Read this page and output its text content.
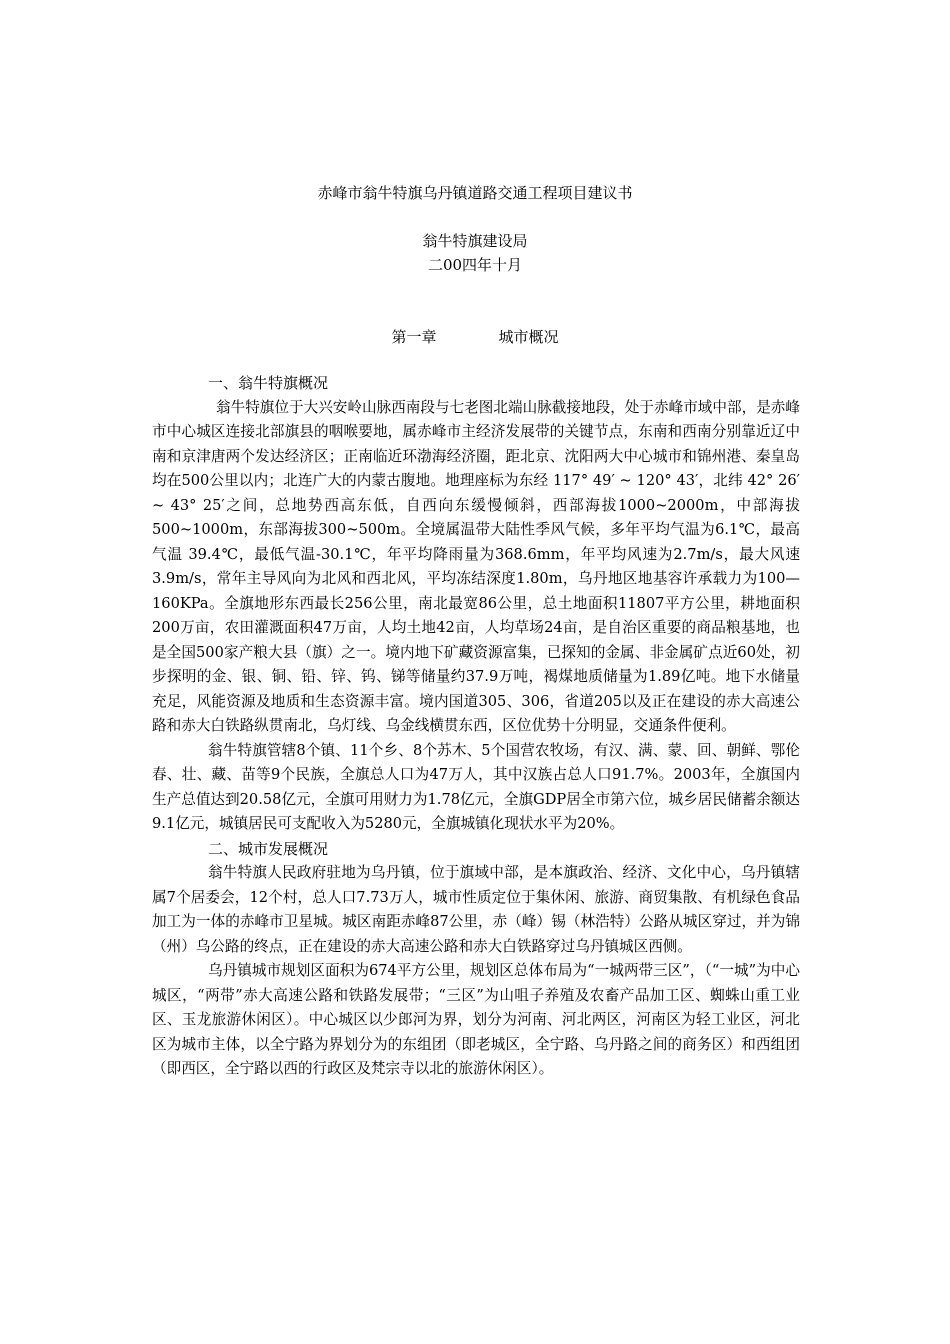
赤峰市翁牛特旗乌丹镇道路交通工程项目建议书
翁牛特旗建设局
二00四年十月
第一章	城市概况

一、翁牛特旗概况

翁牛特旗位于大兴安岭山脉西南段与七老图北端山脉截接地段，处于赤峰市域中部，是赤峰市中心城区连接北部旗县的咽喉要地，属赤峰市主经济发展带的关键节点，东南和西南分别靠近辽中南和京津唐两个发达经济区；正南临近环渤海经济圈，距北京、沈阳两大中心城市和锦州港、秦皇岛均在500公里以内；北连广大的内蒙古腹地。地理座标为东经 117° 49′ ~ 120° 43′，北纬 42° 26′ ~ 43° 25′之间，总地势西高东低，自西向东缓慢倾斜，西部海拔1000~2000m，中部海拔500~1000m，东部海拔300~500m。全境属温带大陆性季风气候，多年平均气温为6.1℃，最高气温 39.4℃，最低气温-30.1℃，年平均降雨量为368.6mm，年平均风速为2.7m/s，最大风速3.9m/s，常年主导风向为北风和西北风，平均冻结深度1.80m，乌丹地区地基容许承载力为100—160KPa。全旗地形东西最长256公里，南北最宽86公里，总土地面积11807平方公里，耕地面积200万亩，农田灌溉面积47万亩，人均土地42亩，人均草场24亩，是自治区重要的商品粮基地，也是全国500家产粮大县（旗）之一。境内地下矿藏资源富集，已探知的金属、非金属矿点近60处，初步探明的金、银、铜、铅、锌、钨、锑等储量约37.9万吨，褐煤地质储量为1.89亿吨。地下水储量充足，风能资源及地质和生态资源丰富。境内国道305、306，省道205以及正在建设的赤大高速公路和赤大白铁路纵贯南北，乌灯线、乌金线横贯东西，区位优势十分明显，交通条件便利。

翁牛特旗管辖8个镇、11个乡、8个苏木、5个国营农牧场，有汉、满、蒙、回、朝鲜、鄂伦春、壮、藏、苗等9个民族，全旗总人口为47万人，其中汉族占总人口91.7%。2003年，全旗国内生产总值达到20.58亿元，全旗可用财力为1.78亿元，全旗GDP居全市第六位，城乡居民储蓄余额达9.1亿元，城镇居民可支配收入为5280元，全旗城镇化现状水平为20%。

二、城市发展概况

翁牛特旗人民政府驻地为乌丹镇，位于旗域中部，是本旗政治、经济、文化中心，乌丹镇辖属7个居委会，12个村，总人口7.73万人，城市性质定位于集休闲、旅游、商贸集散、有机绿色食品加工为一体的赤峰市卫星城。城区南距赤峰87公里，赤（峰）锡（林浩特）公路从城区穿过，并为锦（州）乌公路的终点，正在建设的赤大高速公路和赤大白铁路穿过乌丹镇城区西侧。

乌丹镇城市规划区面积为674平方公里，规划区总体布局为“一城两带三区”，（“一城”为中心城区，“两带”赤大高速公路和铁路发展带；“三区”为山咀子养殖及农畜产品加工区、蜘蛛山重工业区、玉龙旅游休闲区）。中心城区以少郎河为界，划分为河南、河北两区，河南区为轻工业区，河北区为城市主体，以全宁路为界划分为的东组团（即老城区，全宁路、乌丹路之间的商务区）和西组团（即西区，全宁路以西的行政区及梵宗寺以北的旅游休闲区）。
